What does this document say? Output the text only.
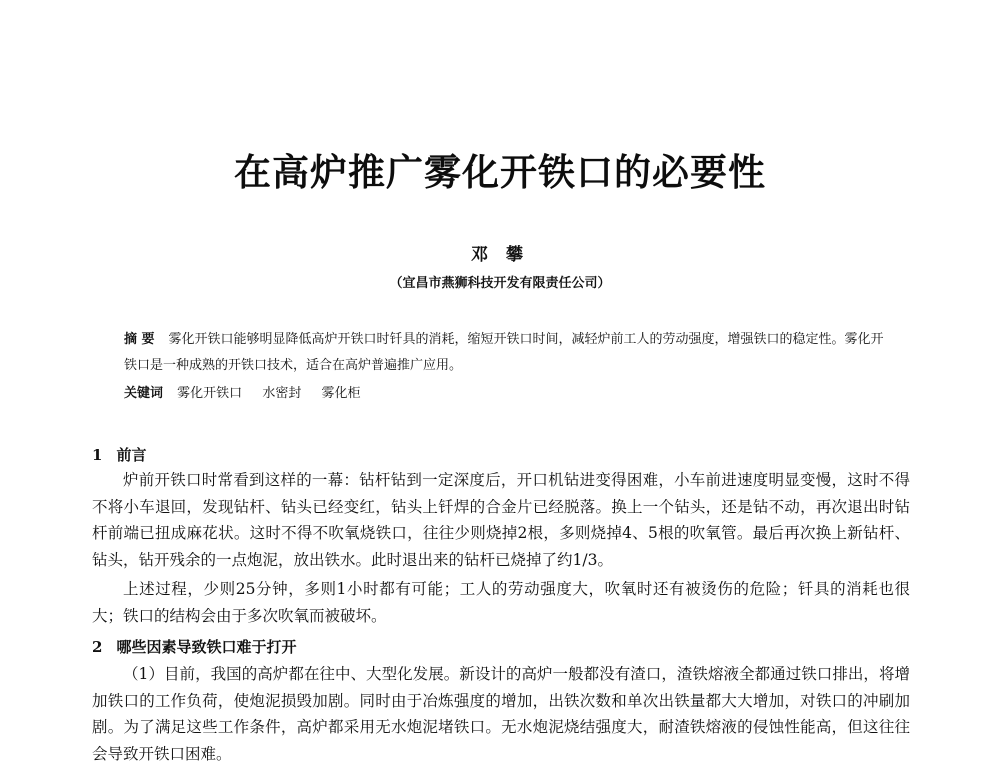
在高炉推广雾化开铁口的必要性
邓 攀
（宜昌市燕狮科技开发有限责任公司）
摘 要 雾化开铁口能够明显降低高炉开铁口时钎具的消耗，缩短开铁口时间，减轻炉前工人的劳动强度，增强铁口的稳定性。雾化开铁口是一种成熟的开铁口技术，适合在高炉普遍推广应用。
关键词 雾化开铁口 水密封 雾化柜
1 前言
炉前开铁口时常看到这样的一幕：钻杆钻到一定深度后，开口机钻进变得困难，小车前进速度明显变慢，这时不得不将小车退回，发现钻杆、钻头已经变红，钻头上钎焊的合金片已经脱落。换上一个钻头，还是钻不动，再次退出时钻杆前端已扭成麻花状。这时不得不吹氧烧铁口，往往少则烧掉2根，多则烧掉4、5根的吹氧管。最后再次换上新钻杆、钻头，钻开残余的一点炮泥，放出铁水。此时退出来的钻杆已烧掉了约1/3。
上述过程，少则25分钟，多则1小时都有可能；工人的劳动强度大，吹氧时还有被烫伤的危险；钎具的消耗也很大；铁口的结构会由于多次吹氧而被破坏。
2 哪些因素导致铁口难于打开
（1）目前，我国的高炉都在往中、大型化发展。新设计的高炉一般都没有渣口，渣铁熔液全都通过铁口排出，将增加铁口的工作负荷，使炮泥损毁加剧。同时由于冶炼强度的增加，出铁次数和单次出铁量都大大增加，对铁口的冲刷加剧。为了满足这些工作条件，高炉都采用无水炮泥堵铁口。无水炮泥烧结强度大，耐渣铁熔液的侵蚀性能高，但这往往会导致开铁口困难。
